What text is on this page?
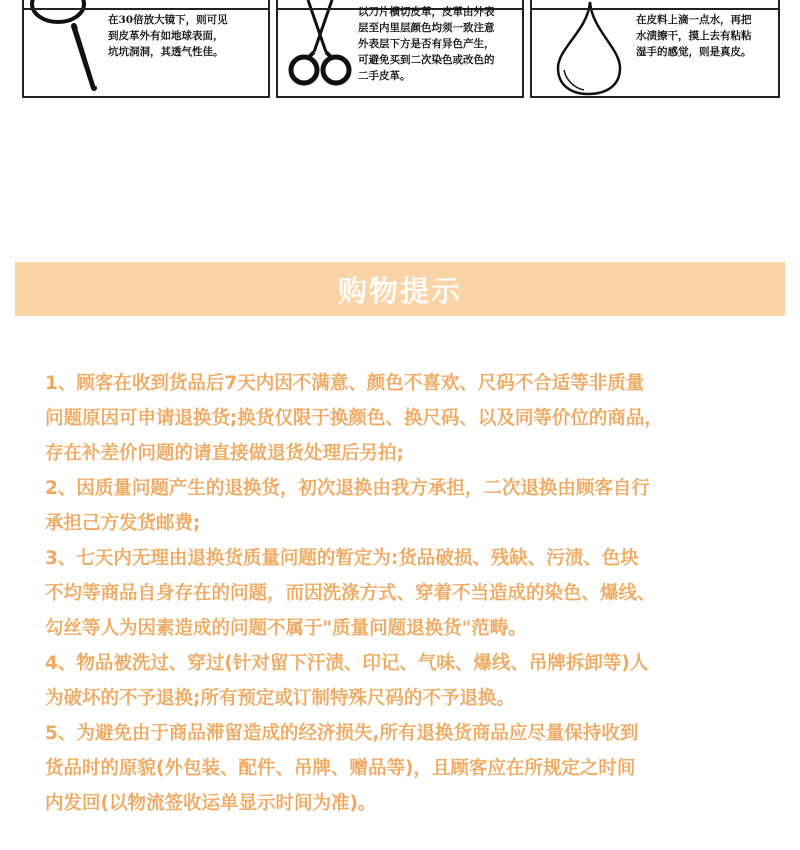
在30倍放大镜下，则可见
到皮革外有如地球表面，
坑坑洞洞，其透气性佳。
以刀片横切皮革，皮革由外表
层至内里层颜色均须一致注意
外表层下方是否有异色产生，
可避免买到二次染色或改色的
二手皮革。
在皮料上滴一点水，再把
水渍擦干，摸上去有粘粘
湿手的感觉，则是真皮。
购物提示

1、顾客在收到货品后7天内因不满意、颜色不喜欢、尺码不合适等非质量
问题原因可申请退换货;换货仅限于换颜色、换尺码、以及同等价位的商品，
存在补差价问题的请直接做退货处理后另拍;

2、因质量问题产生的退换货，初次退换由我方承担，二次退换由顾客自行
承担己方发货邮费;

3、七天内无理由退换货质量问题的暂定为:货品破损、残缺、污渍、色块
不均等商品自身存在的问题，而因洗涤方式、穿着不当造成的染色、爆线、
勾丝等人为因素造成的问题不属于"质量问题退换货"范畴。

4、物品被洗过、穿过(针对留下汗渍、印记、气味、爆线、吊牌拆卸等)人
为破坏的不予退换;所有预定或订制特殊尺码的不予退换。

5、为避免由于商品滞留造成的经济损失,所有退换货商品应尽量保持收到
货品时的原貌(外包装、配件、吊牌、赠品等)，且顾客应在所规定之时间
内发回(以物流签收运单显示时间为准)。
